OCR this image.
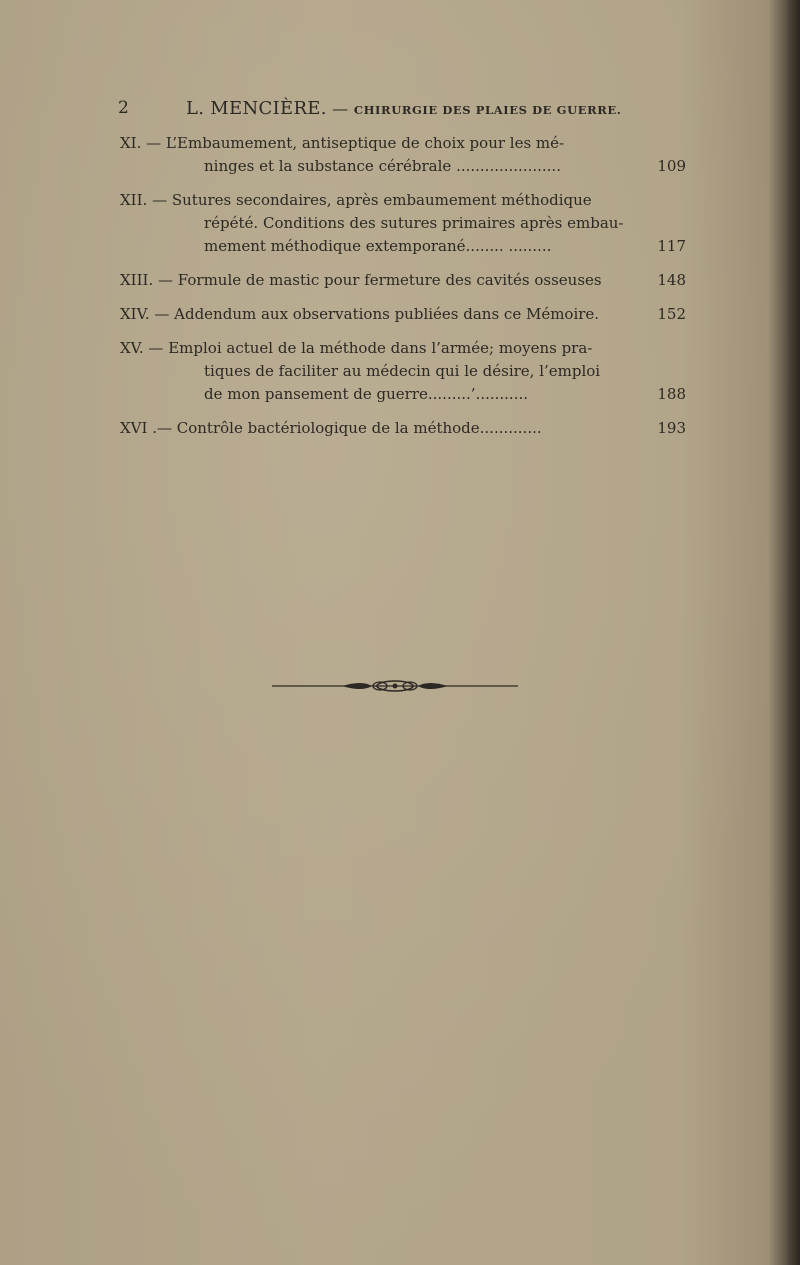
2	L. MENCIÈRE. — CHIRURGIE DES PLAIES DE GUERRE.
XI. — L’Embaumement, antiseptique de choix pour les mé-
ninges et la substance cérébrale ......................	109
XII. — Sutures secondaires, après embaumement méthodique
répété. Conditions des sutures primaires après embau-
mement méthodique extemporané........ .........	117
XIII. — Formule de mastic pour fermeture des cavités osseuses	148
XIV. — Addendum aux observations publiées dans ce Mémoire.	152
XV. — Emploi actuel de la méthode dans l’armée; moyens pra-
tiques de faciliter au médecin qui le désire, l’emploi
de mon pansement de guerre.........’...........	188
XVI .— Contrôle bactériologique de la méthode.............	193
